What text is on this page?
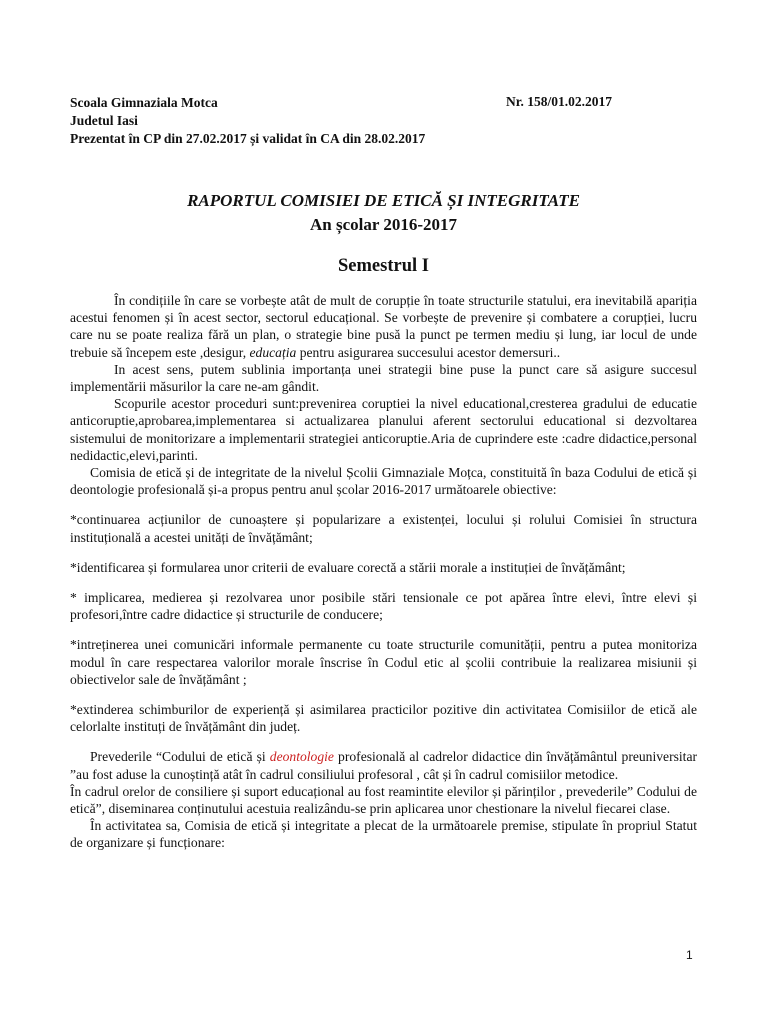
Scoala Gimnaziala Motca	Nr. 158/01.02.2017
Judetul Iasi
Prezentat în CP din 27.02.2017 și validat în CA din 28.02.2017
RAPORTUL COMISIEI DE ETICĂ ȘI INTEGRITATE
An școlar 2016-2017
Semestrul I

În condițiile în care se vorbește atât de mult de corupție în toate structurile statului, era inevitabilă apariția acestui fenomen și în acest sector, sectorul educațional. Se vorbește de prevenire și combatere a corupției, lucru care nu se poate realiza fără un plan, o strategie bine pusă la punct pe termen mediu și lung, iar locul de unde trebuie să începem este ,desigur, educația pentru asigurarea succesului acestor demersuri..

In acest sens, putem sublinia importanța unei strategii bine puse la punct care să asigure succesul implementării măsurilor la care ne-am gândit.

Scopurile acestor proceduri sunt:prevenirea coruptiei la nivel educational,cresterea gradului de educatie anticoruptie,aprobarea,implementarea si actualizarea planului aferent sectorului educational si dezvoltarea sistemului de monitorizare a implementarii strategiei anticoruptie.Aria de cuprindere este :cadre didactice,personal nedidactic,elevi,parinti.

Comisia de etică și de integritate de la nivelul Școlii Gimnaziale Moțca, constituită în baza Codului de etică și deontologie profesională și-a propus pentru anul școlar 2016-2017 următoarele obiective:

*continuarea acțiunilor de cunoaștere și popularizare a existenței, locului și rolului Comisiei în structura instituțională a acestei unități de învățământ;

*identificarea și formularea unor criterii de evaluare corectă a stării morale a instituției de învățământ;

* implicarea, medierea și rezolvarea unor posibile stări tensionale ce pot apărea între elevi, între elevi și profesori,între cadre didactice și structurile de conducere;

*intreținerea unei comunicări informale permanente cu toate structurile comunității, pentru a putea monitoriza modul în care respectarea valorilor morale înscrise în Codul etic al școlii contribuie la realizarea misiunii și obiectivelor sale de învățământ ;

*extinderea schimburilor de experiență și asimilarea practicilor pozitive din activitatea Comisiilor de etică ale celorlalte instituți de învățământ din județ.

Prevederile “Codului de etică și deontologie profesională al cadrelor didactice din învățământul preuniversitar ”au fost aduse la cunoștință atât în cadrul consiliului profesoral , cât și în cadrul comisiilor metodice.

În cadrul orelor de consiliere și suport educațional au fost reamintite elevilor și părinților , prevederile” Codului de etică”, diseminarea conținutului acestuia realizându-se prin aplicarea unor chestionare la nivelul fiecarei clase.

În activitatea sa, Comisia de etică și integritate a plecat de la următoarele premise, stipulate în propriul Statut de organizare și funcționare:

1
